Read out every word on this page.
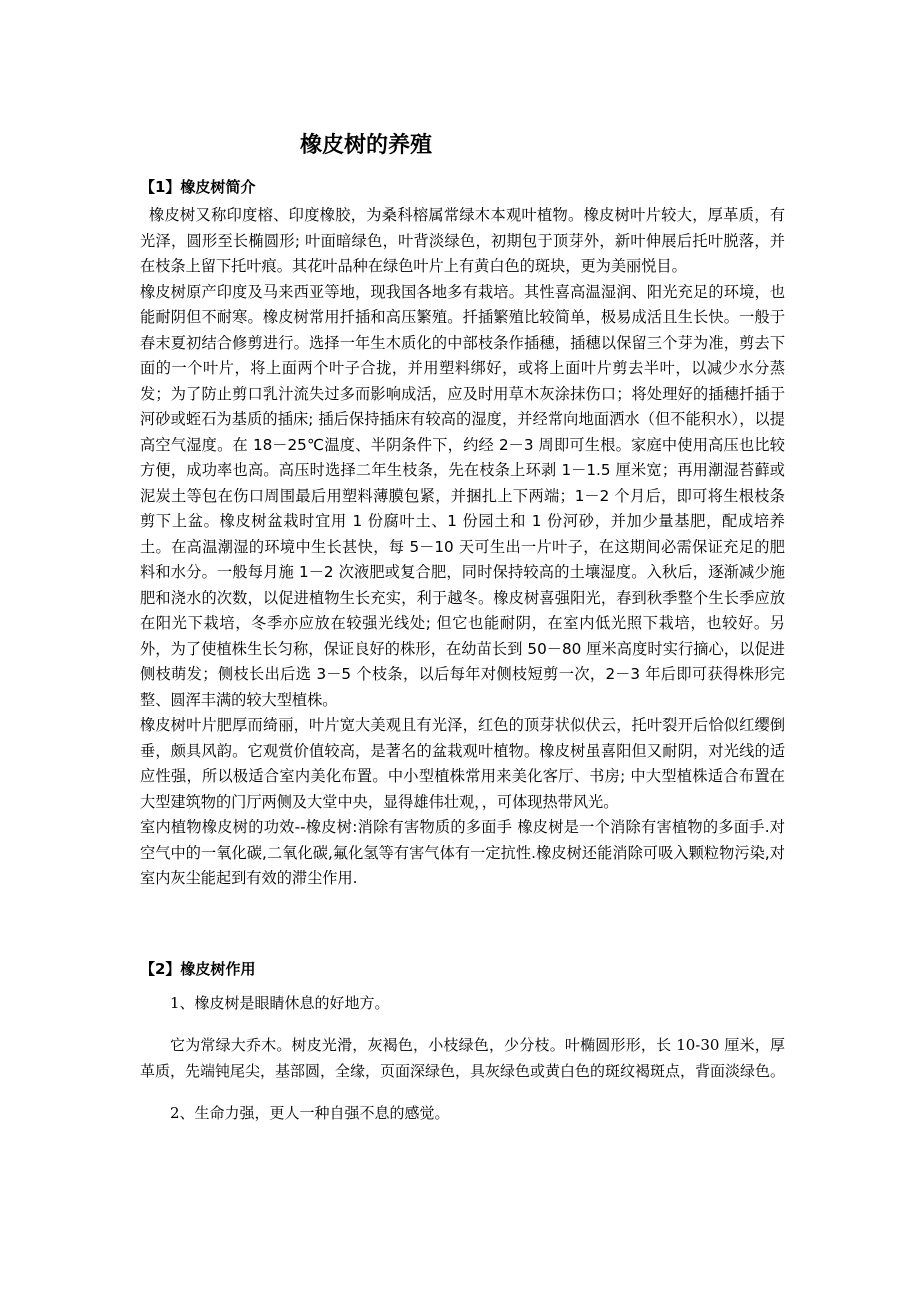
橡皮树的养殖
【1】橡皮树简介

橡皮树又称印度榕、印度橡胶，为桑科榕属常绿木本观叶植物。橡皮树叶片较大，厚革质，有光泽，圆形至长椭圆形; 叶面暗绿色，叶背淡绿色，初期包于顶芽外，新叶伸展后托叶脱落，并在枝条上留下托叶痕。其花叶品种在绿色叶片上有黄白色的斑块，更为美丽悦目。

橡皮树原产印度及马来西亚等地，现我国各地多有栽培。其性喜高温湿润、阳光充足的环境，也能耐阴但不耐寒。橡皮树常用扦插和高压繁殖。扦插繁殖比较简单，极易成活且生长快。一般于春末夏初结合修剪进行。选择一年生木质化的中部枝条作插穗，插穗以保留三个芽为准，剪去下面的一个叶片，将上面两个叶子合拢，并用塑料绑好，或将上面叶片剪去半叶，以减少水分蒸发；为了防止剪口乳汁流失过多而影响成活，应及时用草木灰涂抹伤口；将处理好的插穗扦插于河砂或蛭石为基质的插床; 插后保持插床有较高的湿度，并经常向地面洒水（但不能积水），以提高空气湿度。在 18－25℃温度、半阴条件下，约经 2－3 周即可生根。家庭中使用高压也比较方便，成功率也高。高压时选择二年生枝条，先在枝条上环剥 1－1.5 厘米宽；再用潮湿苔藓或泥炭土等包在伤口周围最后用塑料薄膜包紧，并捆扎上下两端；1－2 个月后，即可将生根枝条剪下上盆。橡皮树盆栽时宜用 1 份腐叶土、1 份园土和 1 份河砂，并加少量基肥，配成培养土。在高温潮湿的环境中生长甚快，每 5－10 天可生出一片叶子，在这期间必需保证充足的肥料和水分。一般每月施 1－2 次液肥或复合肥，同时保持较高的土壤湿度。入秋后，逐渐减少施肥和浇水的次数，以促进植物生长充实，利于越冬。橡皮树喜强阳光，春到秋季整个生长季应放在阳光下栽培，冬季亦应放在较强光线处; 但它也能耐阴，在室内低光照下栽培，也较好。另外，为了使植株生长匀称，保证良好的株形，在幼苗长到 50－80 厘米高度时实行摘心，以促进侧枝萌发；侧枝长出后选 3－5 个枝条，以后每年对侧枝短剪一次，2－3 年后即可获得株形完整、圆浑丰满的较大型植株。

橡皮树叶片肥厚而绮丽，叶片宽大美观且有光泽，红色的顶芽状似伏云，托叶裂开后恰似红缨倒垂，颇具风韵。它观赏价值较高，是著名的盆栽观叶植物。橡皮树虽喜阳但又耐阴，对光线的适应性强，所以极适合室内美化布置。中小型植株常用来美化客厅、书房; 中大型植株适合布置在大型建筑物的门厅两侧及大堂中央，显得雄伟壮观，，可体现热带风光。

室内植物橡皮树的功效--橡皮树:消除有害物质的多面手 橡皮树是一个消除有害植物的多面手.对空气中的一氧化碳,二氧化碳,氟化氢等有害气体有一定抗性.橡皮树还能消除可吸入颗粒物污染,对室内灰尘能起到有效的滞尘作用.

【2】橡皮树作用

1、橡皮树是眼睛休息的好地方。

它为常绿大乔木。树皮光滑，灰褐色，小枝绿色，少分枝。叶椭圆形形，长 10-30 厘米，厚革质，先端钝尾尖，基部圆，全缘，页面深绿色，具灰绿色或黄白色的斑纹褐斑点，背面淡绿色。

2、生命力强，更人一种自强不息的感觉。
